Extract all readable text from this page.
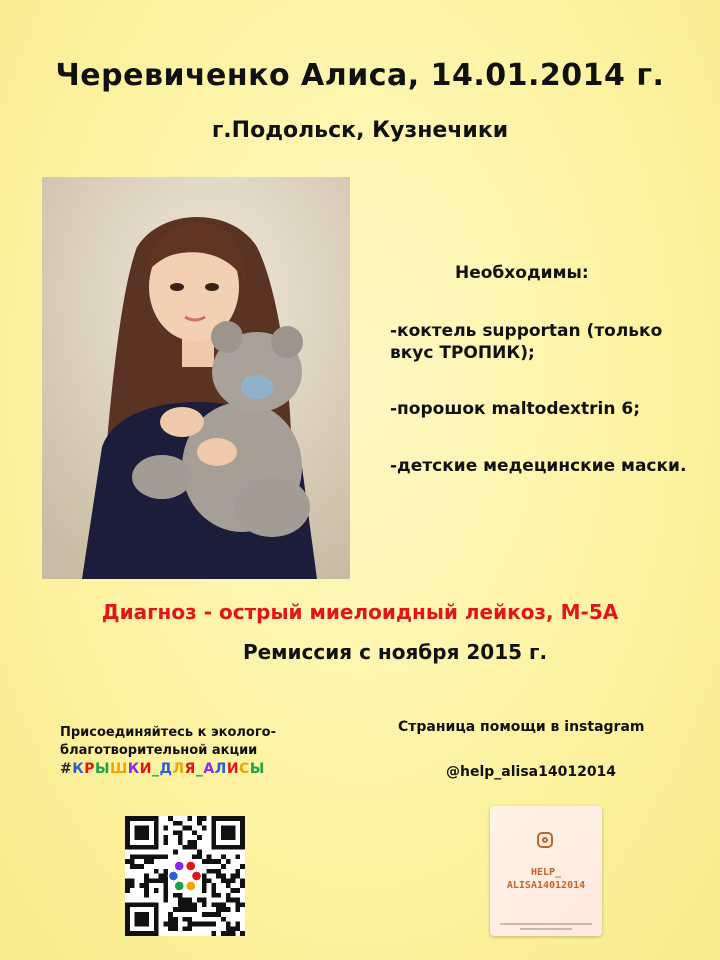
Черевиченко Алиса, 14.01.2014 г.
г.Подольск, Кузнечики
Необходимы:
-коктель supportan (только вкус ТРОПИК);
-порошок maltodextrin 6;
-детские медецинские маски.
Диагноз - острый миелоидный лейкоз, М-5А
Ремиссия с ноября 2015 г.
Присоединяйтесь к эколого-благотворительной акции #КРЫШКИ_ДЛЯ_АЛИСЫ
Страница помощи в instagram
@help_alisa14012014
HELP_
ALISA14012014
